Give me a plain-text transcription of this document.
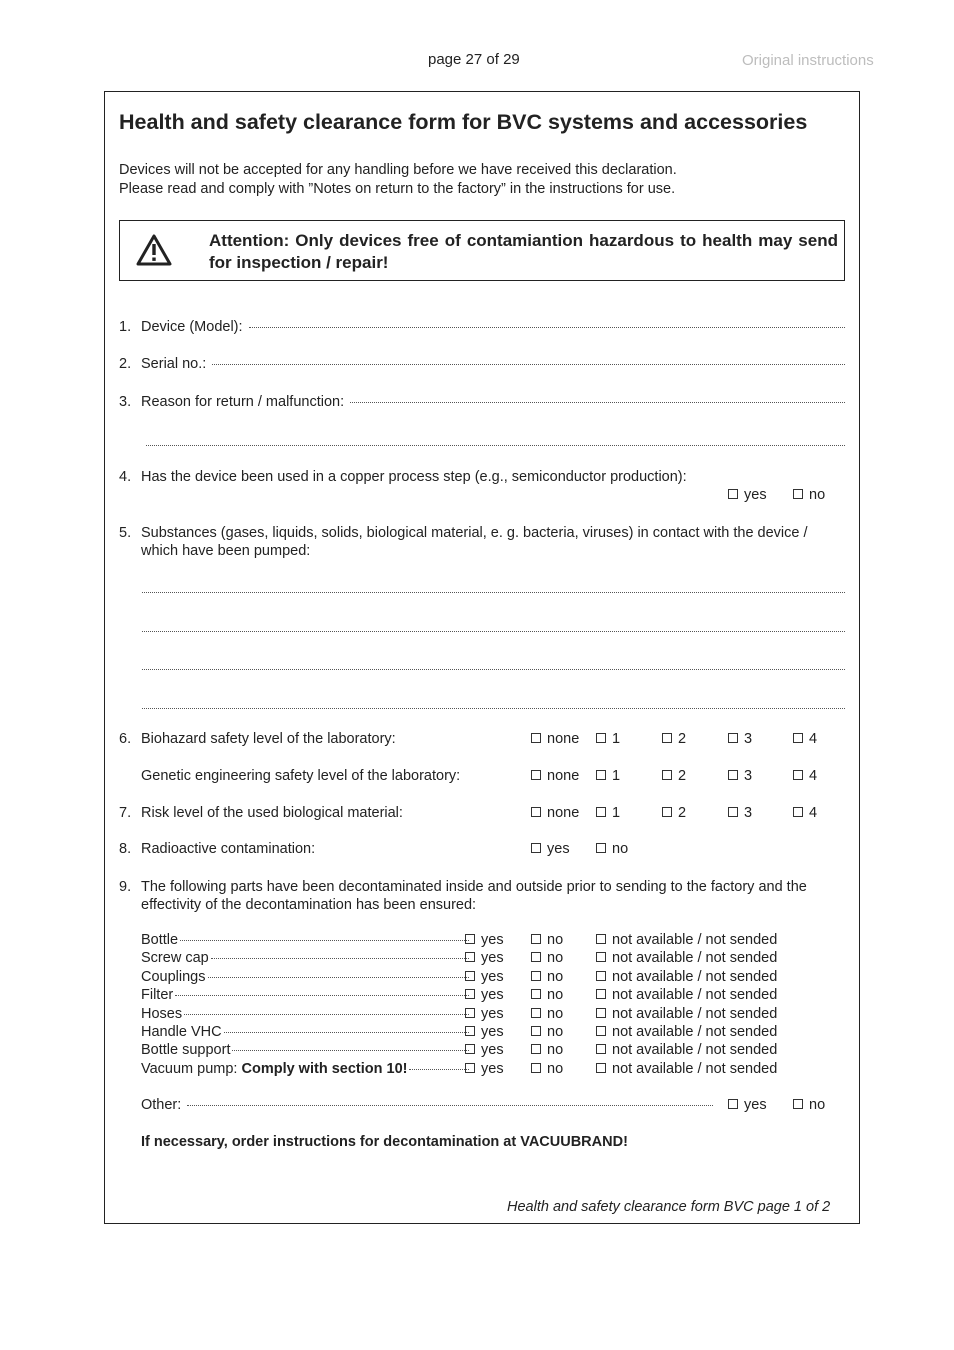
page 27 of 29	Original instructions
Health and safety clearance form for BVC systems and accessories
Devices will not be accepted for any handling before we have received this declaration.
Please read and comply with ”Notes on return to the factory” in the instructions for use.
Attention: Only devices free of contamiantion hazardous to health may send for inspection / repair!
1. Device (Model):
2. Serial no.:
3. Reason for return / malfunction:
4. Has the device been used in a copper process step (e.g., semiconductor production):
yes	no
5. Substances (gases, liquids, solids, biological material, e. g. bacteria, viruses) in contact with the device /
which have been pumped:
6. Biohazard safety level of the laboratory:	none	1	2	3	4
Genetic engineering safety level of the laboratory:	none	1	2	3	4
7. Risk level of the used biological material:	none	1	2	3	4
8. Radioactive contamination:	yes	no
9. The following parts have been decontaminated inside and outside prior to sending to the factory and the
effectivity of the decontamination has been ensured:
Bottle	yes	no	not available / not sended
Screw cap	yes	no	not available / not sended
Couplings	yes	no	not available / not sended
Filter	yes	no	not available / not sended
Hoses	yes	no	not available / not sended
Handle VHC	yes	no	not available / not sended
Bottle support	yes	no	not available / not sended
Vacuum pump:
Comply with section 10!	yes	no	not available / not sended
Other:	yes	no
If necessary, order instructions for decontamination at VACUUBRAND!
Health and safety clearance form BVC page 1 of 2
